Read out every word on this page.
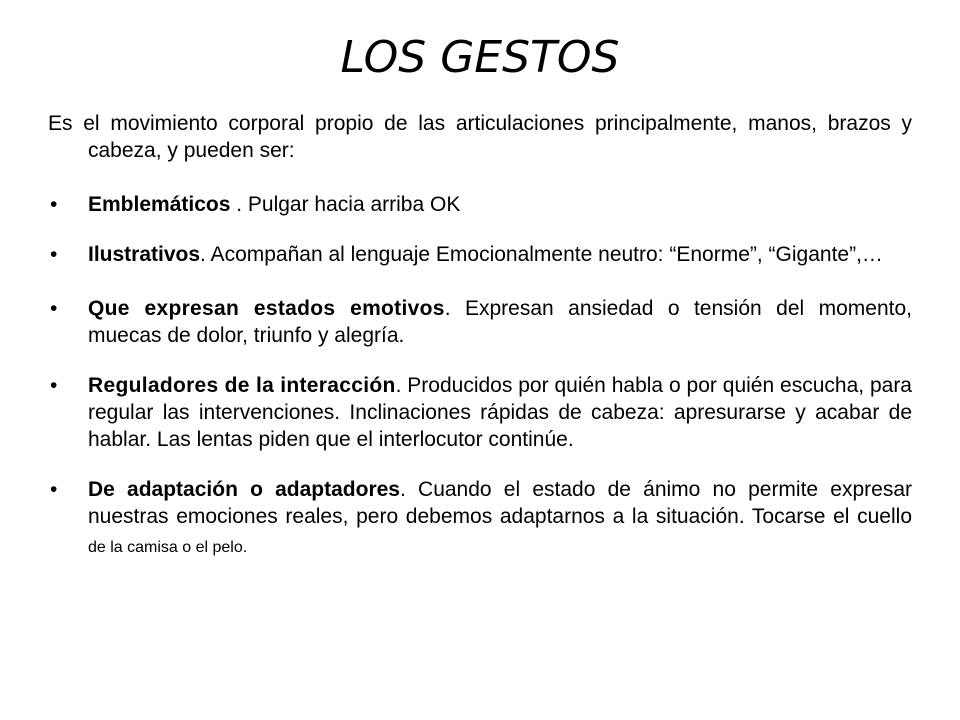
LOS GESTOS

Es el movimiento corporal propio de las articulaciones principalmente, manos, brazos y cabeza, y pueden ser:

•	Emblemáticos . Pulgar hacia arriba OK
•	Ilustrativos. Acompañan al lenguaje Emocionalmente neutro: “Enorme”, “Gigante”,…
•	Que expresan estados emotivos. Expresan ansiedad o tensión del momento, muecas de dolor, triunfo y alegría.
•	Reguladores de la interacción. Producidos por quién habla o por quién escucha, para regular las intervenciones. Inclinaciones rápidas de cabeza: apresurarse y acabar de hablar. Las lentas piden que el interlocutor continúe.
•	De adaptación o adaptadores. Cuando el estado de ánimo no permite expresar nuestras emociones reales, pero debemos adaptarnos a la situación. Tocarse el cuello de la camisa o el pelo.
